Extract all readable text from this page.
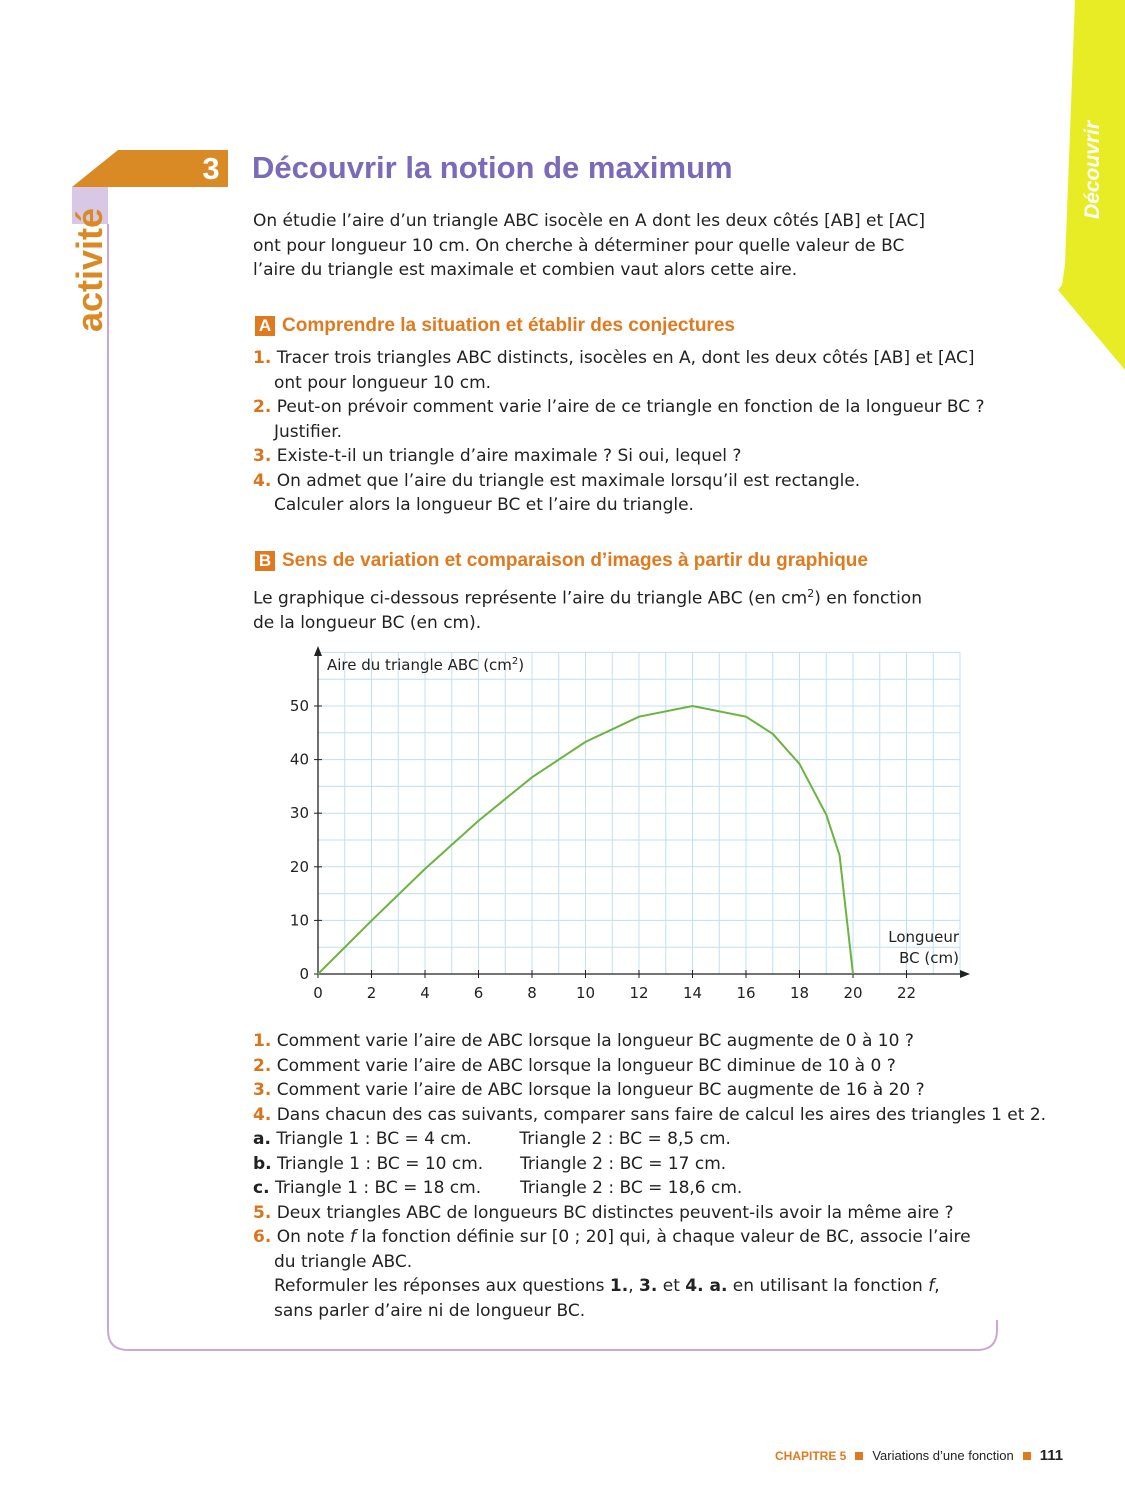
Découvrir
3
activité
Découvrir la notion de maximum
On étudie l’aire d’un triangle ABC isocèle en A dont les deux côtés [AB] et [AC]
ont pour longueur 10 cm. On cherche à déterminer pour quelle valeur de BC
l’aire du triangle est maximale et combien vaut alors cette aire.
A Comprendre la situation et établir des conjectures
1. Tracer trois triangles ABC distincts, isocèles en A, dont les deux côtés [AB] et [AC]
ont pour longueur 10 cm.
2. Peut-on prévoir comment varie l’aire de ce triangle en fonction de la longueur BC ?
Justifier.
3. Existe-t-il un triangle d’aire maximale ? Si oui, lequel ?
4. On admet que l’aire du triangle est maximale lorsqu’il est rectangle.
Calculer alors la longueur BC et l’aire du triangle.
B Sens de variation et comparaison d’images à partir du graphique
Le graphique ci-dessous représente l’aire du triangle ABC (en $cm^2$) en fonction
de la longueur BC (en cm).
0	2	4	6	8	10 12 14 16 18 20 22
0
10
20
30
40
50
Aire du triangle ABC $(cm^2)$
Longueur
BC (cm)
1. Comment varie l’aire de ABC lorsque la longueur BC augmente de 0 à 10 ?
2. Comment varie l’aire de ABC lorsque la longueur BC diminue de 10 à 0 ?
3. Comment varie l’aire de ABC lorsque la longueur BC augmente de 16 à 20 ?
4. Dans chacun des cas suivants, comparer sans faire de calcul les aires des triangles 1 et 2.
a. Triangle 1 : BC = 4 cm.	Triangle 2 : BC = 8,5 cm.
b. Triangle 1 : BC = 10 cm. Triangle 2 : BC = 17 cm.
c. Triangle 1 : BC = 18 cm. Triangle 2 : BC = 18,6 cm.
5. Deux triangles ABC de longueurs BC distinctes peuvent-ils avoir la même aire ?
6. On note f la fonction définie sur [0 ; 20] qui, à chaque valeur de BC, associe l’aire
du triangle ABC.
Reformuler les réponses aux questions 1., 3. et 4. a. en utilisant la fonction f,
sans parler d’aire ni de longueur BC.
CHAPITRE 5 Variations d’une fonction 111
